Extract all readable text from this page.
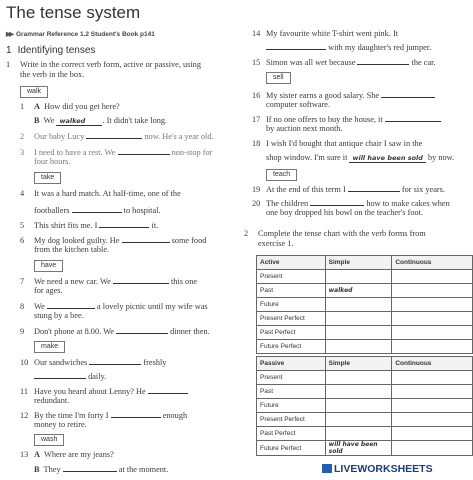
The tense system
▶▶ Grammar Reference 1.2 Student's Book p141
1 Identifying tenses
1 Write in the correct verb form, active or passive, using
the verb in the box.
walk
1 A How did you get here?
B We walked . It didn't take long.
2 Our baby Lucy	now. He's a year old.
3 I need to have a rest. We	non-stop for
four hours.
take
4 It was a hard match. At half-time, one of the
footballers	to hospital.
5 This shirt fits me. I	it.
6 My dog looked guilty. He	some food
from the kitchen table.
have
7 We need a new car. We	this one
for ages.
8 We	a lovely picnic until my wife was
stung by a bee.
9 Don't phone at 8.00. We	dinner then.
make
10 Our sandwiches	freshly
daily.
11 Have you heard about Lenny? He
redundant.
12 By the time I'm forty I	enough
money to retire.
wash
13 A Where are my jeans?
B They	at the moment.
14 My favourite white T-shirt went pink. It
with my daughter's red jumper.
15 Simon was all wet because	the car.
sell
16 My sister earns a good salary. She
computer software.
17 If no one offers to buy the house, it
by auction next month.
18 I wish I'd bought that antique chair I saw in the
shop window. I'm sure it will have been sold by now.
teach
19 At the end of this term I	for six years.
20 The children	how to make cakes when
one boy dropped his bowl on the teacher's foot.
2 Complete the tense chart with the verb forms from
exercise 1.
Active	Simple	Continuous
Present		
Past	walked	
Future		
Present Perfect		
Past Perfect		
Future Perfect		
Passive	Simple	Continuous
Present		
Past		
Future		
Present Perfect		
Past Perfect		
Future Perfect	will have been sold	
LIVEWORKSHEETS
